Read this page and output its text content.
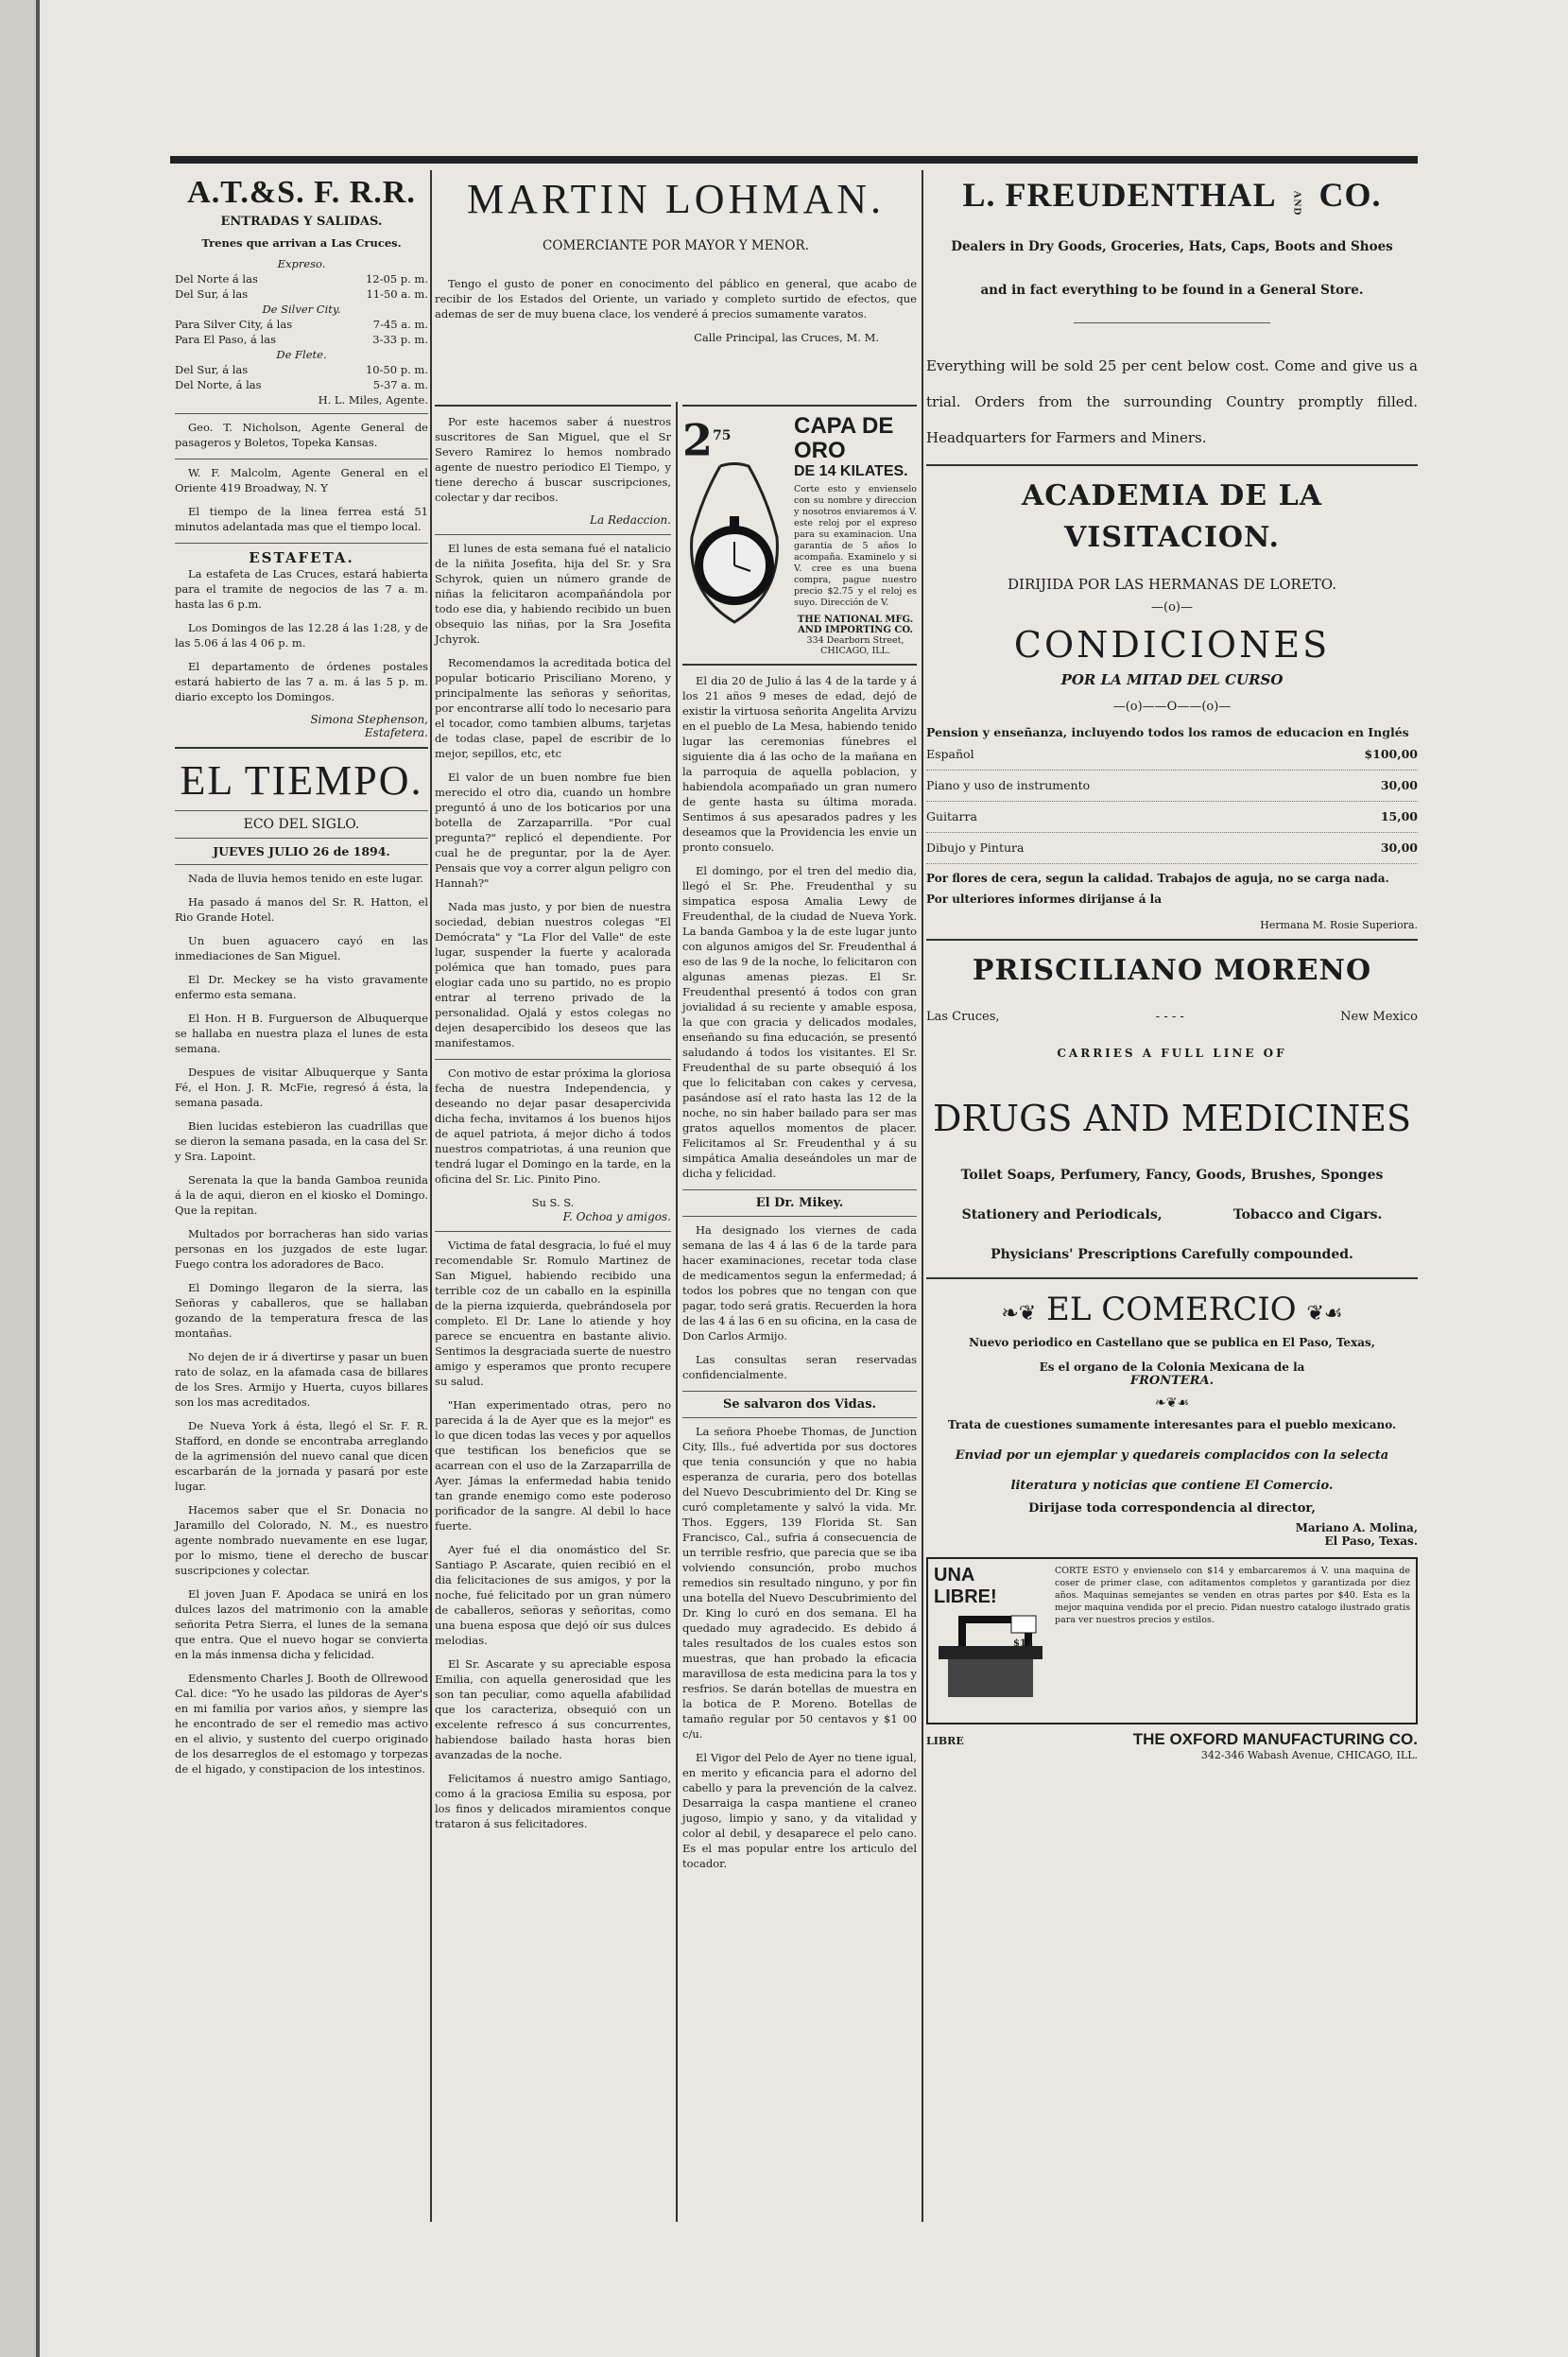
A.T.&S. F. R.R.
ENTRADAS Y SALIDAS.
Trenes que arrivan a Las Cruces.
Expreso.
Del Norte á las	12-05 p. m.
Del Sur, á las	11-50 a. m.
De Silver City.
Para Silver City, á las	7-45 a. m.
Para El Paso, á las	3-33 p. m.
De Flete.
Del Sur, á las	10-50 p. m.
Del Norte, á las	5-37 a. m.
H. L. Miles, Agente.

Geo. T. Nicholson, Agente General de pasageros y Boletos, Topeka Kansas.

W. F. Malcolm, Agente General en el Oriente 419 Broadway, N. Y

El tiempo de la linea ferrea está 51 minutos adelantada mas que el tiempo local.

ESTAFETA.

La estafeta de Las Cruces, estará habierta para el tramite de negocios de las 7 a. m. hasta las 6 p.m.

Los Domingos de las 12.28 á las 1:28, y de las 5.06 á las 4 06 p. m.

El departamento de órdenes postales estará habierto de las 7 a. m. á las 5 p. m. diario excepto los Domingos.

Simona Stephenson,
Estafetera.
EL TIEMPO.
ECO DEL SIGLO.
JUEVES JULIO 26 de 1894.

Nada de lluvia hemos tenido en este lugar.

Ha pasado á manos del Sr. R. Hatton, el Rio Grande Hotel.

Un buen aguacero cayó en las inmediaciones de San Miguel.

El Dr. Meckey se ha visto gravamente enfermo esta semana.

El Hon. H B. Furguerson de Albuquerque se hallaba en nuestra plaza el lunes de esta semana.

Despues de visitar Albuquerque y Santa Fé, el Hon. J. R. McFie, regresó á ésta, la semana pasada.

Bien lucidas estebieron las cuadrillas que se dieron la semana pasada, en la casa del Sr. y Sra. Lapoint.

Serenata la que la banda Gamboa reunida á la de aqui, dieron en el kiosko el Domingo. Que la repitan.

Multados por borracheras han sido varias personas en los juzgados de este lugar. Fuego contra los adoradores de Baco.

El Domingo llegaron de la sierra, las Señoras y caballeros, que se hallaban gozando de la temperatura fresca de las montañas.

No dejen de ir á divertirse y pasar un buen rato de solaz, en la afamada casa de billares de los Sres. Armijo y Huerta, cuyos billares son los mas acreditados.

De Nueva York á ésta, llegó el Sr. F. R. Stafford, en donde se encontraba arreglando de la agrimensión del nuevo canal que dicen escarbarán de la jornada y pasará por este lugar.

Hacemos saber que el Sr. Donacia no Jaramillo del Colorado, N. M., es nuestro agente nombrado nuevamente en ese lugar, por lo mismo, tiene el derecho de buscar suscripciones y colectar.

El joven Juan F. Apodaca se unirá en los dulces lazos del matrimonio con la amable señorita Petra Sierra, el lunes de la semana que entra. Que el nuevo hogar se convierta en la más inmensa dicha y felicidad.

Edensmento Charles J. Booth de Ollrewood Cal. dice: "Yo he usado las pildoras de Ayer's en mi familia por varios años, y siempre las he encontrado de ser el remedio mas activo en el alivio, y sustento del cuerpo originado de los desarreglos de el estomago y torpezas de el higado, y constipacion de los intestinos.

MARTIN LOHMAN.
COMERCIANTE POR MAYOR Y MENOR.

Tengo el gusto de poner en conocimento del páblico en general, que acabo de recibir de los Estados del Oriente, un variado y completo surtido de efectos, que ademas de ser de muy buena clace, los venderé á precios sumamente varatos.

Calle Principal, las Cruces, M. M.

Por este hacemos saber á nuestros suscritores de San Miguel, que el Sr Severo Ramirez lo hemos nombrado agente de nuestro periodico El Tiempo, y tiene derecho á buscar suscripciones, colectar y dar recibos.

La Redaccion.

El lunes de esta semana fué el natalicio de la niñita Josefita, hija del Sr. y Sra Schyrok, quien un número grande de niñas la felicitaron acompañándola por todo ese dia, y habiendo recibido un buen obsequio las niñas, por la Sra Josefita Jchyrok.

Recomendamos la acreditada botica del popular boticario Prisciliano Moreno, y principalmente las señoras y señoritas, por encontrarse allí todo lo necesario para el tocador, como tambien albums, tarjetas de todas clase, papel de escribir de lo mejor, sepillos, etc, etc

El valor de un buen nombre fue bien merecido el otro dia, cuando un hombre preguntó á uno de los boticarios por una botella de Zarzaparrilla. "Por cual pregunta?" replicó el dependiente. Por cual he de preguntar, por la de Ayer. Pensais que voy a correr algun peligro con Hannah?"

Nada mas justo, y por bien de nuestra sociedad, debian nuestros colegas "El Demócrata" y "La Flor del Valle" de este lugar, suspender la fuerte y acalorada polémica que han tomado, pues para elogiar cada uno su partido, no es propio entrar al terreno privado de la personalidad. Ojalá y estos colegas no dejen desapercibido los deseos que las manifestamos.

Con motivo de estar próxima la gloriosa fecha de nuestra Independencia, y deseando no dejar pasar desapercivida dicha fecha, invitamos á los buenos hijos de aquel patriota, á mejor dicho á todos nuestros compatriotas, á una reunion que tendrá lugar el Domingo en la tarde, en la oficina del Sr. Lic. Pinito Pino.

Su S. S.
F. Ochoa y amigos.

Victima de fatal desgracia, lo fué el muy recomendable Sr. Romulo Martinez de San Miguel, habiendo recibido una terrible coz de un caballo en la espinilla de la pierna izquierda, quebrándosela por completo. El Dr. Lane lo atiende y hoy parece se encuentra en bastante alivio. Sentimos la desgraciada suerte de nuestro amigo y esperamos que pronto recupere su salud.

"Han experimentado otras, pero no parecida á la de Ayer que es la mejor" es lo que dicen todas las veces y por aquellos que testifican los beneficios que se acarrean con el uso de la Zarzaparrilla de Ayer. Jámas la enfermedad habia tenido tan grande enemigo como este poderoso porificador de la sangre. Al debil lo hace fuerte.

Ayer fué el dia onomástico del Sr. Santiago P. Ascarate, quien recibió en el dia felicitaciones de sus amigos, y por la noche, fué felicitado por un gran número de caballeros, señoras y señoritas, como una buena esposa que dejó oír sus dulces melodias.

El Sr. Ascarate y su apreciable esposa Emilia, con aquella generosidad que les son tan peculiar, como aquella afabilidad que los caracteriza, obsequió con un excelente refresco á sus concurrentes, habiendose bailado hasta horas bien avanzadas de la noche.

Felicitamos á nuestro amigo Santiago, como á la graciosa Emilia su esposa, por los finos y delicados miramientos conque trataron á sus felicitadores.

$2^{75}$	CAPA DE ORO
DE 14 KILATES.
Corte esto y envienselo con su nombre y direccion y nosotros enviaremos á V. este reloj por el expreso para su examinacion. Una garantia de 5 años lo acompaña. Examinelo y si V. cree es una buena compra, pague nuestro precio $2.75 y el reloj es suyo. Dirección de V.
THE NATIONAL MFG. AND IMPORTING CO.
334 Dearborn Street, CHICAGO, ILL.

El dia 20 de Julio á las 4 de la tarde y á los 21 años 9 meses de edad, dejó de existir la virtuosa señorita Angelita Arvizu en el pueblo de La Mesa, habiendo tenido lugar las ceremonias fúnebres el siguiente dia á las ocho de la mañana en la parroquia de aquella poblacion, y habiendola acompañado un gran numero de gente hasta su última morada. Sentimos á sus apesarados padres y les deseamos que la Providencia les envie un pronto consuelo.

El domingo, por el tren del medio dia, llegó el Sr. Phe. Freudenthal y su simpatica esposa Amalia Lewy de Freudenthal, de la ciudad de Nueva York. La banda Gamboa y la de este lugar junto con algunos amigos del Sr. Freudenthal á eso de las 9 de la noche, lo felicitaron con algunas amenas piezas. El Sr. Freudenthal presentó á todos con gran jovialidad á su reciente y amable esposa, la que con gracia y delicados modales, enseñando su fina educación, se presentó saludando á todos los visitantes. El Sr. Freudenthal de su parte obsequió á los que lo felicitaban con cakes y cervesa, pasándose así el rato hasta las 12 de la noche, no sin haber bailado para ser mas gratos aquellos momentos de placer. Felicitamos al Sr. Freudenthal y á su simpática Amalia deseándoles un mar de dicha y felicidad.

El Dr. Mikey.

Ha designado los viernes de cada semana de las 4 á las 6 de la tarde para hacer examinaciones, recetar toda clase de medicamentos segun la enfermedad; á todos los pobres que no tengan con que pagar, todo será gratis. Recuerden la hora de las 4 á las 6 en su oficina, en la casa de Don Carlos Armijo.

Las consultas seran reservadas confidencialmente.

Se salvaron dos Vidas.

La señora Phoebe Thomas, de Junction City, Ills., fué advertida por sus doctores que tenia consunción y que no habia esperanza de curaria, pero dos botellas del Nuevo Descubrimiento del Dr. King se curó completamente y salvó la vida. Mr. Thos. Eggers, 139 Florida St. San Francisco, Cal., sufria á consecuencia de un terrible resfrio, que parecia que se iba volviendo consunción, probo muchos remedios sin resultado ninguno, y por fin una botella del Nuevo Descubrimiento del Dr. King lo curó en dos semana. El ha quedado muy agradecido. Es debido á tales resultados de los cuales estos son muestras, que han probado la eficacia maravillosa de esta medicina para la tos y resfrios. Se darán botellas de muestra en la botica de P. Moreno. Botellas de tamaño regular por 50 centavos y $1 00 c/u.

El Vigor del Pelo de Ayer no tiene igual, en merito y eficancia para el adorno del cabello y para la prevención de la calvez. Desarraiga la caspa mantiene el craneo jugoso, limpio y sano, y da vitalidad y color al debil, y desaparece el pelo cano. Es el mas popular entre los articulo del tocador.

L. FREUDENTHAL AND CO.
Dealers in Dry Goods, Groceries, Hats, Caps, Boots and Shoes
and in fact everything to be found in a General Store.

Everything will be sold 25 per cent below cost. Come and give us a trial. Orders from the surrounding Country promptly filled. Headquarters for Farmers and Miners.

ACADEMIA DE LA VISITACION.
DIRIJIDA POR LAS HERMANAS DE LORETO.
—(o)—
CONDICIONES
POR LA MITAD DEL CURSO
—(o)——O——(o)—
Pension y enseñanza, incluyendo todos los ramos de educacion en Inglés
Español	$100,00
Piano y uso de instrumento	30,00
Guitarra	15,00
Dibujo y Pintura	30,00
Por flores de cera, segun la calidad. Trabajos de aguja, no se carga nada.
Por ulteriores informes dirijanse á la
Hermana M. Rosie Superiora.
PRISCILIANO MORENO
Las Cruces,	- - - -	New Mexico
CARRIES A FULL LINE OF
DRUGS AND MEDICINES
Toilet Soaps, Perfumery, Fancy, Goods, Brushes, Sponges
Stationery and Periodicals,	Tobacco and Cigars.
Physicians' Prescriptions Carefully compounded.
❧❦ EL COMERCIO ❦☙
Nuevo periodico en Castellano que se publica en El Paso, Texas,
Es el organo de la Colonia Mexicana de la
FRONTERA.
❧❦☙
Trata de cuestiones sumamente interesantes para el pueblo mexicano.
Enviad por un ejemplar y quedareis complacidos con la selecta literatura y noticias que contiene El Comercio.
Dirijase toda correspondencia al director,
Mariano A. Molina,
El Paso, Texas.
UNA
LIBRE!
$14
CORTE ESTO y envienselo con $14 y embarcaremos á V. una maquina de coser de primer clase, con aditamentos completos y garantizada por diez años. Maquinas semejantes se venden en otras partes por $40. Esta es la mejor maquina vendida por el precio. Pidan nuestro catalogo ilustrado gratis para ver nuestros precios y estilos.
LIBRE	THE OXFORD MANUFACTURING CO.
342-346 Wabash Avenue, CHICAGO, ILL.
